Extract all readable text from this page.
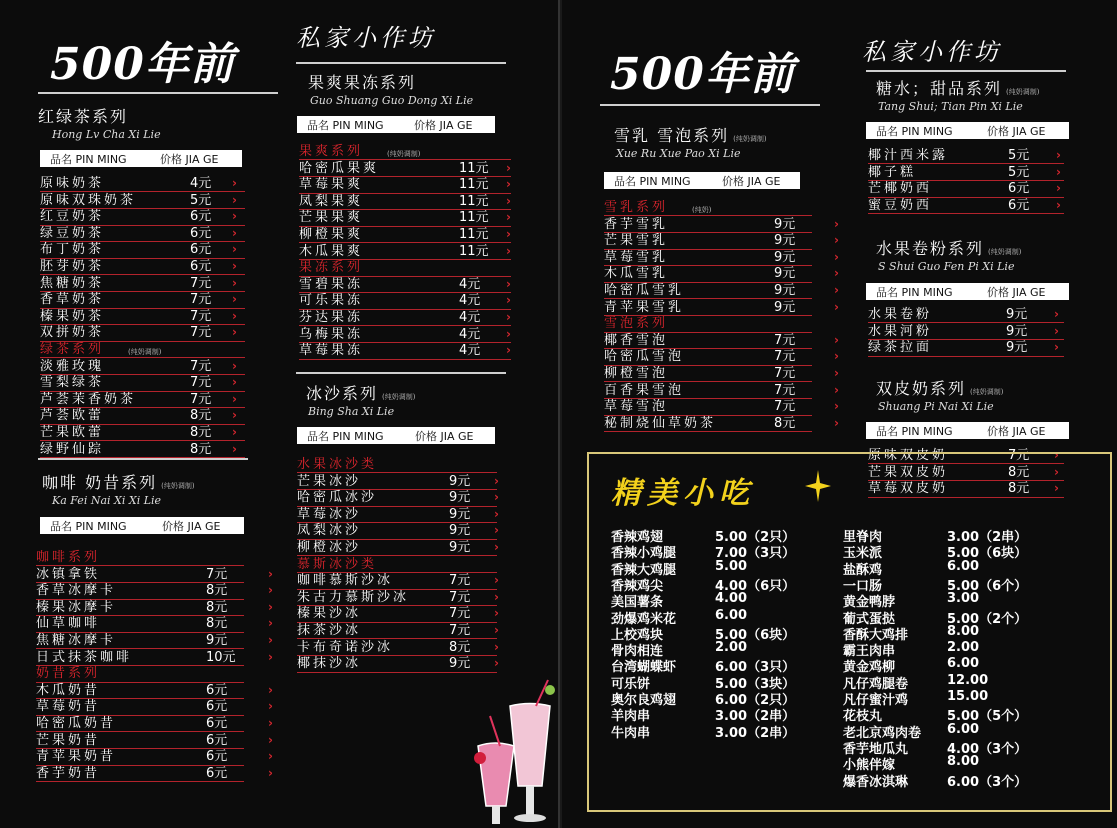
500年前
私家小作坊
红绿茶系列
Hong Lv Cha Xi Lie
品名 PIN MING	价格 JIA GE
原味奶茶	4元 ›
原味双珠奶茶	5元 ›
红豆奶茶	6元 ›
绿豆奶茶	6元 ›
布丁奶茶	6元 ›
胚芽奶茶	6元 ›
焦糖奶茶	7元 ›
香草奶茶	7元 ›
榛果奶茶	7元 ›
双拼奶茶	7元 ›
绿茶系列	(纯奶调制)
淡雅玫瑰	7元 ›
雪梨绿茶	7元 ›
芦荟茉香奶茶	7元 ›
芦荟欧蕾	8元 ›
芒果欧蕾	8元 ›
绿野仙踪	8元 ›
咖啡 奶昔系列 (纯奶调制)
Ka Fei Nai Xi Xi Lie
品名 PIN MING	价格 JIA GE
咖啡系列
冰镇拿铁	7元	›
香草冰摩卡	8元	›
榛果冰摩卡	8元	›
仙草咖啡	8元	›
焦糖冰摩卡	9元	›
日式抹茶咖啡	10元	›
奶昔系列
木瓜奶昔	6元	›
草莓奶昔	6元	›
哈密瓜奶昔	6元	›
芒果奶昔	6元	›
青苹果奶昔	6元	›
香芋奶昔	6元	›
果爽果冻系列
Guo Shuang Guo Dong Xi Lie
品名 PIN MING	价格 JIA GE
果爽系列	(纯奶调制)
哈密瓜果爽	11元 ›
草莓果爽	11元 ›
凤梨果爽	11元 ›
芒果果爽	11元 ›
柳橙果爽	11元 ›
木瓜果爽	11元 ›
果冻系列
雪碧果冻	4元 ›
可乐果冻	4元 ›
芬达果冻	4元 ›
乌梅果冻	4元 ›
草莓果冻	4元 ›
冰沙系列 (纯奶调制)
Bing Sha Xi Lie
品名 PIN MING	价格 JIA GE
水果冰沙类
芒果冰沙	9元 ›
哈密瓜冰沙	9元 ›
草莓冰沙	9元 ›
凤梨冰沙	9元 ›
柳橙冰沙	9元 ›
慕斯冰沙类
咖啡慕斯沙冰	7元 ›
朱古力慕斯沙冰	7元 ›
榛果沙冰	7元 ›
抹茶沙冰	7元 ›
卡布奇诺沙冰	8元 ›
椰抹沙冰	9元 ›
500年前	私家小作坊
雪乳 雪泡系列 (纯奶调制)
Xue Ru Xue Pao Xi Lie
品名 PIN MING	价格 JIA GE
雪乳系列	(纯奶)
香芋雪乳	9元	›
芒果雪乳	9元	›
草莓雪乳	9元	›
木瓜雪乳	9元	›
哈密瓜雪乳	9元	›
青苹果雪乳	9元	›
雪泡系列
椰香雪泡	7元	›
哈密瓜雪泡	7元	›
柳橙雪泡	7元	›
百香果雪泡	7元	›
草莓雪泡	7元	›
秘制烧仙草奶茶	8元	›
糖水；甜品系列 (纯奶调制)
Tang Shui; Tian Pin Xi Lie
品名 PIN MING	价格 JIA GE
椰汁西米露	5元 ›
椰子糕	5元 ›
芒椰奶西	6元 ›
蜜豆奶西	6元 ›
水果卷粉系列 (纯奶调制)
S Shui Guo Fen Pi Xi Lie
品名 PIN MING	价格 JIA GE
水果卷粉	9元 ›
水果河粉	9元 ›
绿茶拉面	9元 ›
双皮奶系列 (纯奶调制)
Shuang Pi Nai Xi Lie
品名 PIN MING	价格 JIA GE
原味双皮奶	7元 ›
芒果双皮奶	8元 ›
草莓双皮奶	8元 ›
精美小吃
香辣鸡翅	5.00（2只）
香辣小鸡腿	7.00（3只）
香辣大鸡腿	5.00
香辣鸡尖	4.00（6只）
美国薯条	4.00
劲爆鸡米花	6.00
上校鸡块	5.00（6块）
骨肉相连	2.00
台湾蝴蝶虾	6.00（3只）
可乐饼	5.00（3块）
奥尔良鸡翅	6.00（2只）
羊肉串	3.00（2串）
牛肉串	3.00（2串）
里脊肉	3.00（2串）
玉米派	5.00（6块）
盐酥鸡	6.00
一口肠	5.00（6个）
黄金鸭脖	3.00
葡式蛋挞	5.00（2个）
香酥大鸡排	8.00
霸王肉串	2.00
黄金鸡柳	6.00
凡仔鸡腿卷	12.00
凡仔蜜汁鸡	15.00
花枝丸	5.00（5个）
老北京鸡肉卷 6.00
香芋地瓜丸	4.00（3个）
小熊伴嫁	8.00
爆香冰淇琳	6.00（3个）
